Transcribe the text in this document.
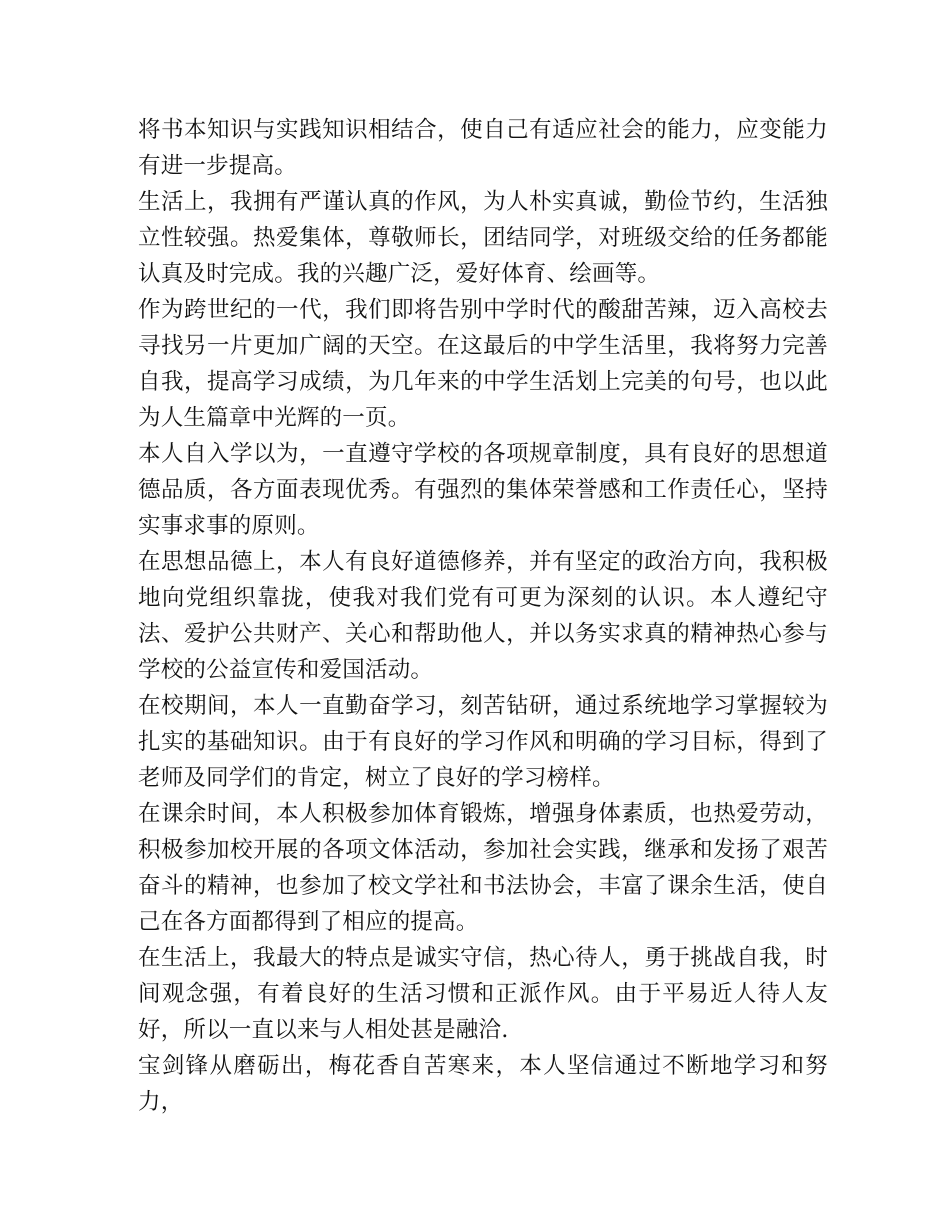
将书本知识与实践知识相结合，使自己有适应社会的能力，应变能力有进一步提高。

生活上，我拥有严谨认真的作风，为人朴实真诚，勤俭节约，生活独立性较强。热爱集体，尊敬师长，团结同学，对班级交给的任务都能认真及时完成。我的兴趣广泛，爱好体育、绘画等。

作为跨世纪的一代，我们即将告别中学时代的酸甜苦辣，迈入高校去寻找另一片更加广阔的天空。在这最后的中学生活里，我将努力完善自我，提高学习成绩，为几年来的中学生活划上完美的句号，也以此为人生篇章中光辉的一页。

本人自入学以为，一直遵守学校的各项规章制度，具有良好的思想道德品质，各方面表现优秀。有强烈的集体荣誉感和工作责任心，坚持实事求事的原则。

在思想品德上，本人有良好道德修养，并有坚定的政治方向，我积极地向党组织靠拢，使我对我们党有可更为深刻的认识。本人遵纪守法、爱护公共财产、关心和帮助他人，并以务实求真的精神热心参与学校的公益宣传和爱国活动。

在校期间，本人一直勤奋学习，刻苦钻研，通过系统地学习掌握较为扎实的基础知识。由于有良好的学习作风和明确的学习目标，得到了老师及同学们的肯定，树立了良好的学习榜样。

在课余时间，本人积极参加体育锻炼，增强身体素质，也热爱劳动，积极参加校开展的各项文体活动，参加社会实践，继承和发扬了艰苦奋斗的精神，也参加了校文学社和书法协会，丰富了课余生活，使自己在各方面都得到了相应的提高。

在生活上，我最大的特点是诚实守信，热心待人，勇于挑战自我，时间观念强，有着良好的生活习惯和正派作风。由于平易近人待人友好，所以一直以来与人相处甚是融洽.

宝剑锋从磨砺出，梅花香自苦寒来，本人坚信通过不断地学习和努力，
